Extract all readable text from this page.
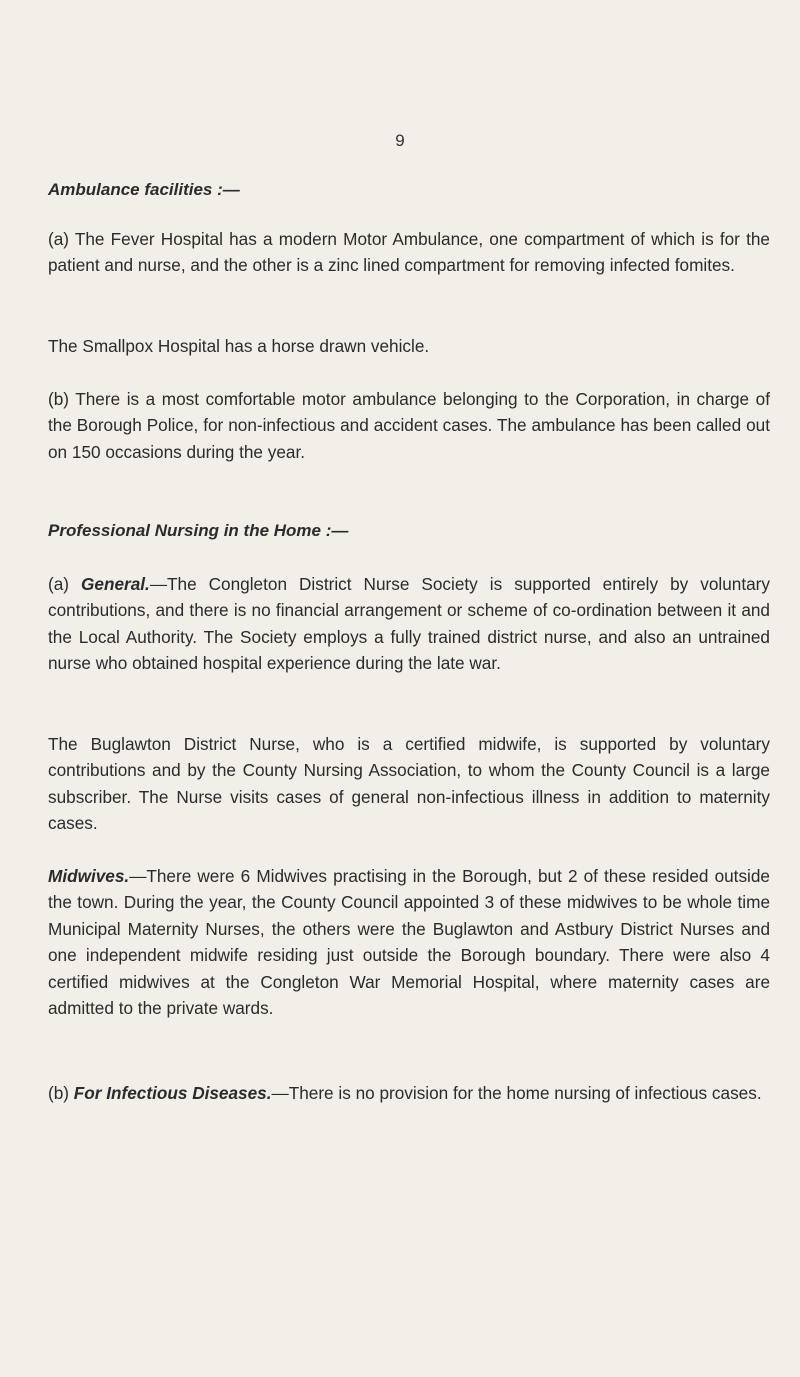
9
Ambulance facilities :—

(a) The Fever Hospital has a modern Motor Ambulance, one compartment of which is for the patient and nurse, and the other is a zinc lined compartment for removing infected fomites.

The Smallpox Hospital has a horse drawn vehicle.

(b) There is a most comfortable motor ambulance belonging to the Corporation, in charge of the Borough Police, for non-infectious and accident cases. The ambulance has been called out on 150 occasions during the year.

Professional Nursing in the Home :—

(a) General.—The Congleton District Nurse Society is supported entirely by voluntary contributions, and there is no financial arrangement or scheme of co-ordination between it and the Local Authority. The Society employs a fully trained district nurse, and also an untrained nurse who obtained hospital experience during the late war.

The Buglawton District Nurse, who is a certified midwife, is supported by voluntary contributions and by the County Nursing Association, to whom the County Council is a large subscriber. The Nurse visits cases of general non-infectious illness in addition to maternity cases.

Midwives.—There were 6 Midwives practising in the Borough, but 2 of these resided outside the town. During the year, the County Council appointed 3 of these midwives to be whole time Municipal Maternity Nurses, the others were the Buglawton and Astbury District Nurses and one independent midwife residing just outside the Borough boundary. There were also 4 certified midwives at the Congleton War Memorial Hospital, where maternity cases are admitted to the private wards.

(b) For Infectious Diseases.—There is no provision for the home nursing of infectious cases.
